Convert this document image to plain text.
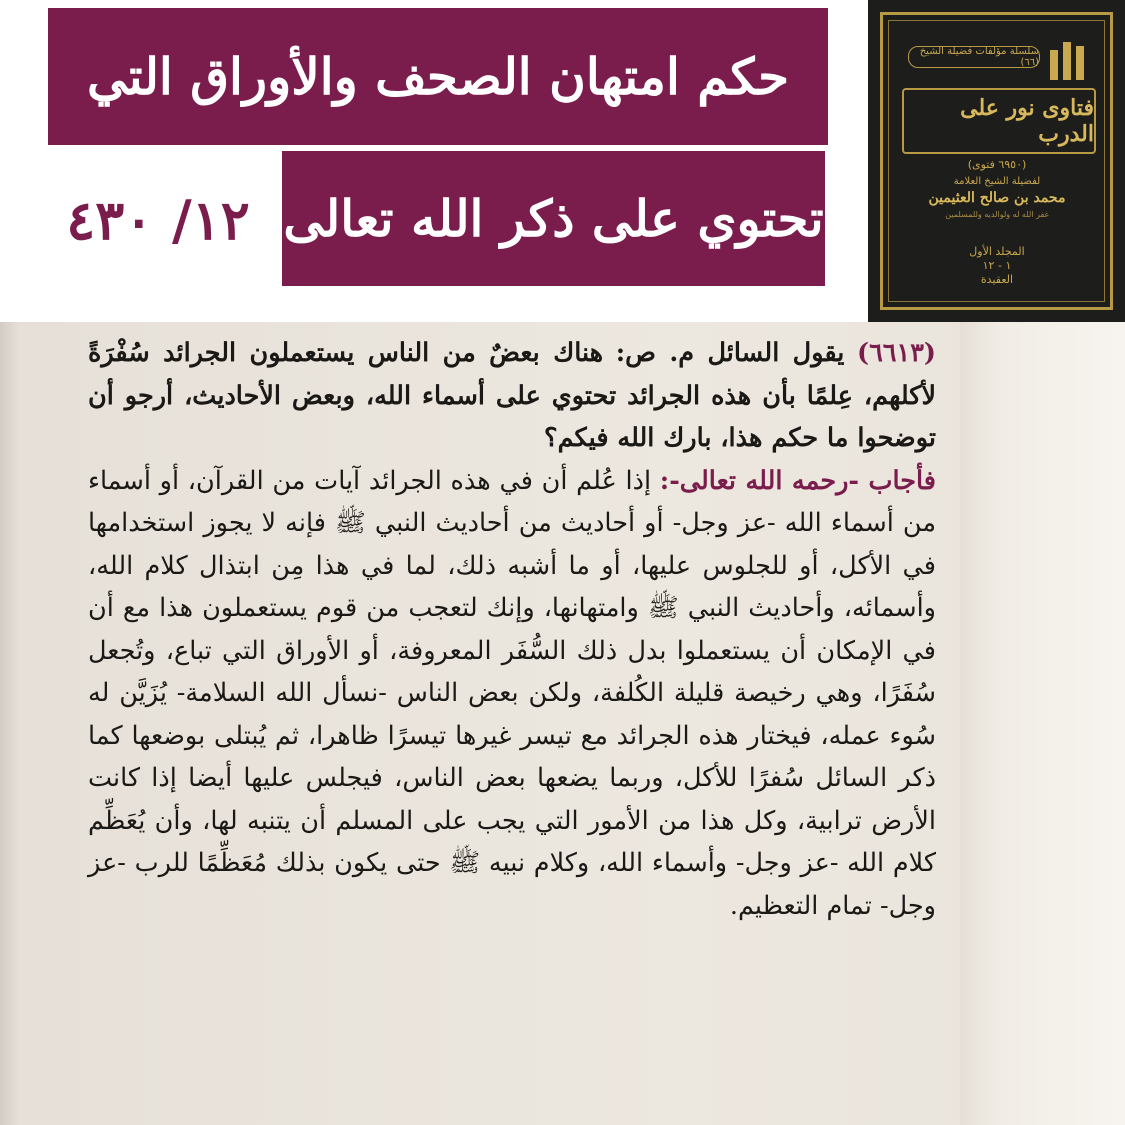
حكم امتهان الصحف والأوراق التي
تحتوي على ذكر الله تعالى
١٢/ ٤٣٠
سلسلة مؤلفات فضيلة الشيخ (٦٦)
فتاوى نور على الدرب
(٦٩٥٠ فتوى)
لفضيلة الشيخ العلامة
محمد بن صالح العثيمين
غفر الله له ولوالديه وللمسلمين
المجلد الأول
١ - ١٢
العقيدة

(٦٦١٣) يقول السائل م. ص: هناك بعضٌ من الناس يستعملون الجرائد سُفْرَةً لأكلهم، عِلمًا بأن هذه الجرائد تحتوي على أسماء الله، وبعض الأحاديث، أرجو أن توضحوا ما حكم هذا، بارك الله فيكم؟

فأجاب -رحمه الله تعالى-: إذا عُلم أن في هذه الجرائد آيات من القرآن، أو أسماء من أسماء الله -عز وجل- أو أحاديث من أحاديث النبي ﷺ فإنه لا يجوز استخدامها في الأكل، أو للجلوس عليها، أو ما أشبه ذلك، لما في هذا مِن ابتذال كلام الله، وأسمائه، وأحاديث النبي ﷺ وامتهانها، وإنك لتعجب من قوم يستعملون هذا مع أن في الإمكان أن يستعملوا بدل ذلك السُّفَر المعروفة، أو الأوراق التي تباع، وتُجعل سُفَرًا، وهي رخيصة قليلة الكُلفة، ولكن بعض الناس -نسأل الله السلامة- يُزَيَّن له سُوء عمله، فيختار هذه الجرائد مع تيسر غيرها تيسرًا ظاهرا، ثم يُبتلى بوضعها كما ذكر السائل سُفرًا للأكل، وربما يضعها بعض الناس، فيجلس عليها أيضا إذا كانت الأرض ترابية، وكل هذا من الأمور التي يجب على المسلم أن يتنبه لها، وأن يُعَظِّم كلام الله -عز وجل- وأسماء الله، وكلام نبيه ﷺ حتى يكون بذلك مُعَظِّمًا للرب -عز وجل- تمام التعظيم.
